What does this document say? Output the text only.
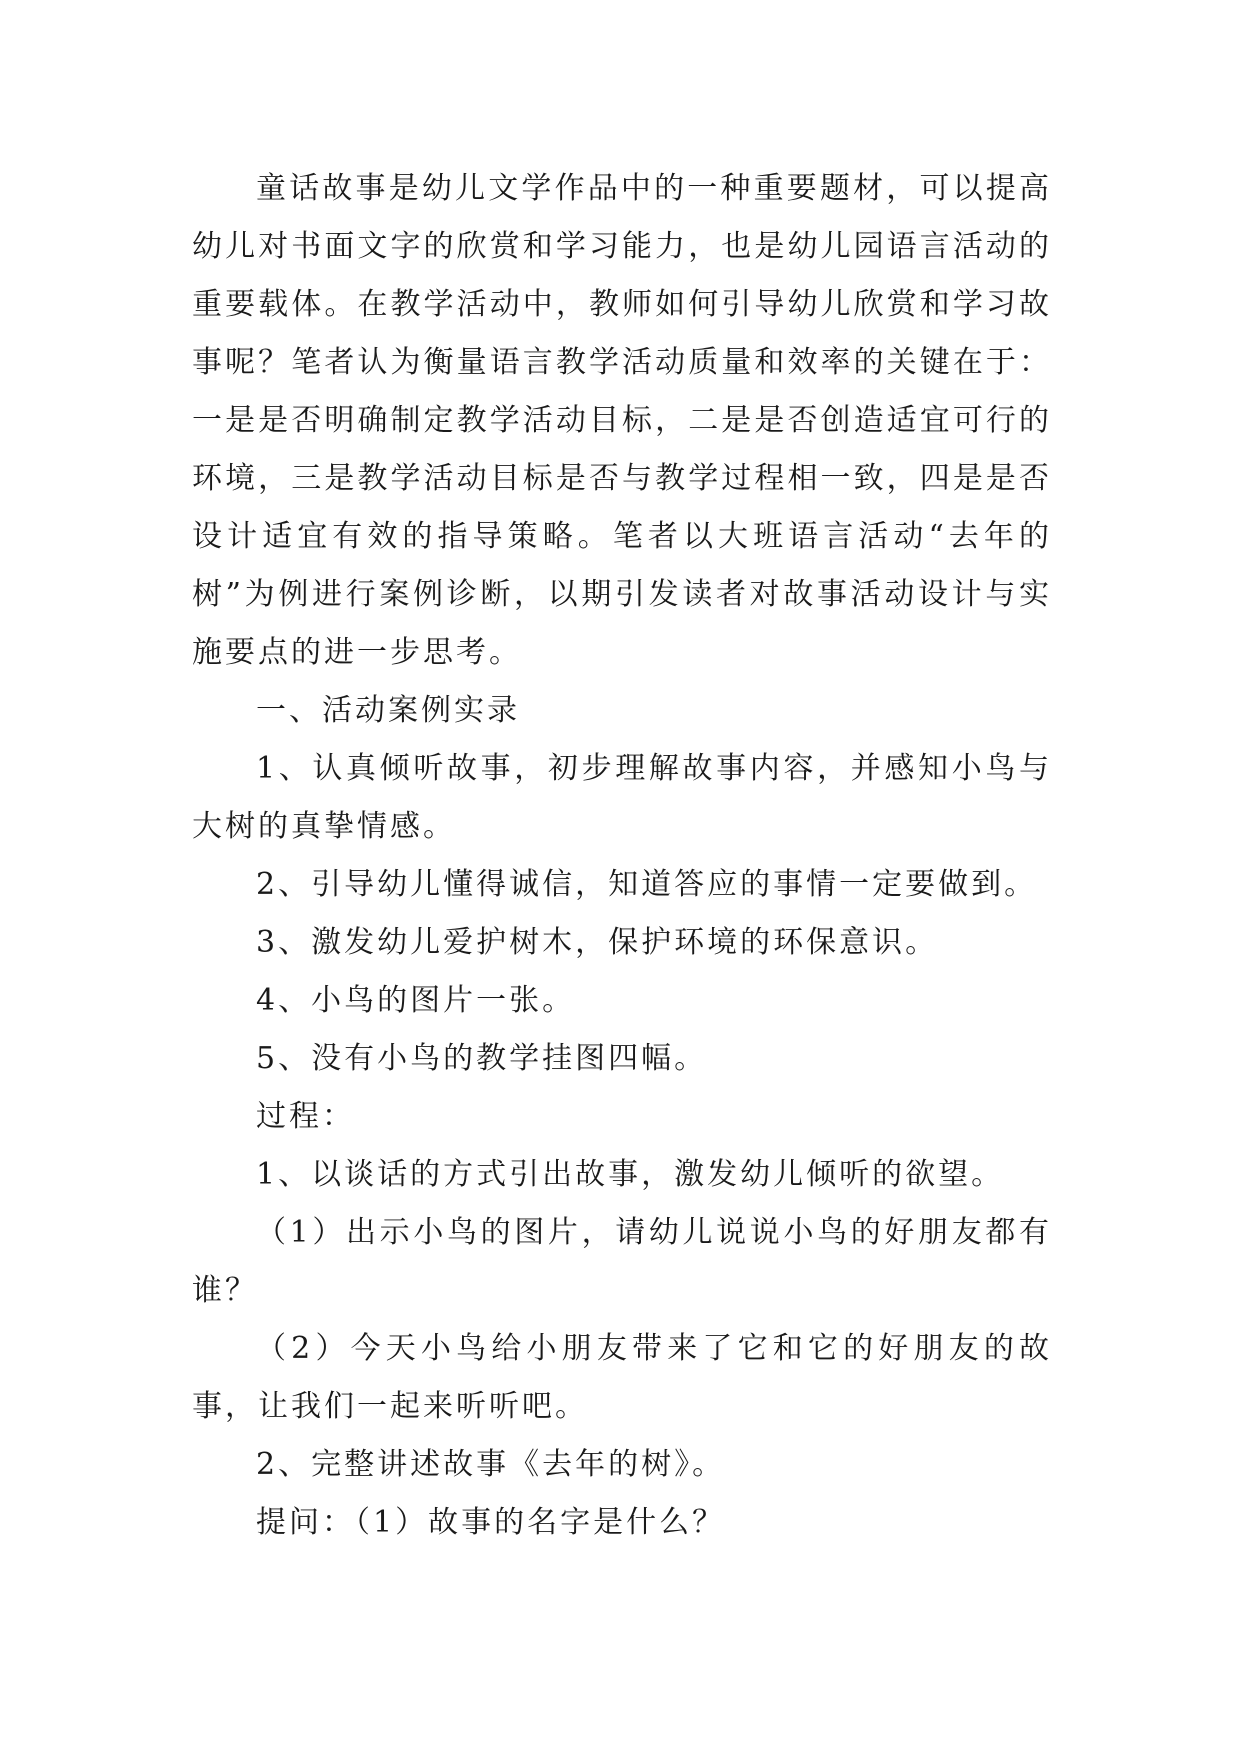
童话故事是幼儿文学作品中的一种重要题材，可以提高幼儿对书面文字的欣赏和学习能力，也是幼儿园语言活动的重要载体。在教学活动中，教师如何引导幼儿欣赏和学习故事呢？笔者认为衡量语言教学活动质量和效率的关键在于：一是是否明确制定教学活动目标，二是是否创造适宜可行的环境，三是教学活动目标是否与教学过程相一致，四是是否设计适宜有效的指导策略。笔者以大班语言活动“去年的树”为例进行案例诊断，以期引发读者对故事活动设计与实施要点的进一步思考。

一、活动案例实录

1、认真倾听故事，初步理解故事内容，并感知小鸟与大树的真挚情感。

2、引导幼儿懂得诚信，知道答应的事情一定要做到。

3、激发幼儿爱护树木，保护环境的环保意识。

4、小鸟的图片一张。

5、没有小鸟的教学挂图四幅。

过程：

1、以谈话的方式引出故事，激发幼儿倾听的欲望。

（1）出示小鸟的图片，请幼儿说说小鸟的好朋友都有谁？

（2）今天小鸟给小朋友带来了它和它的好朋友的故事，让我们一起来听听吧。

2、完整讲述故事《去年的树》。

提问：（1）故事的名字是什么？
